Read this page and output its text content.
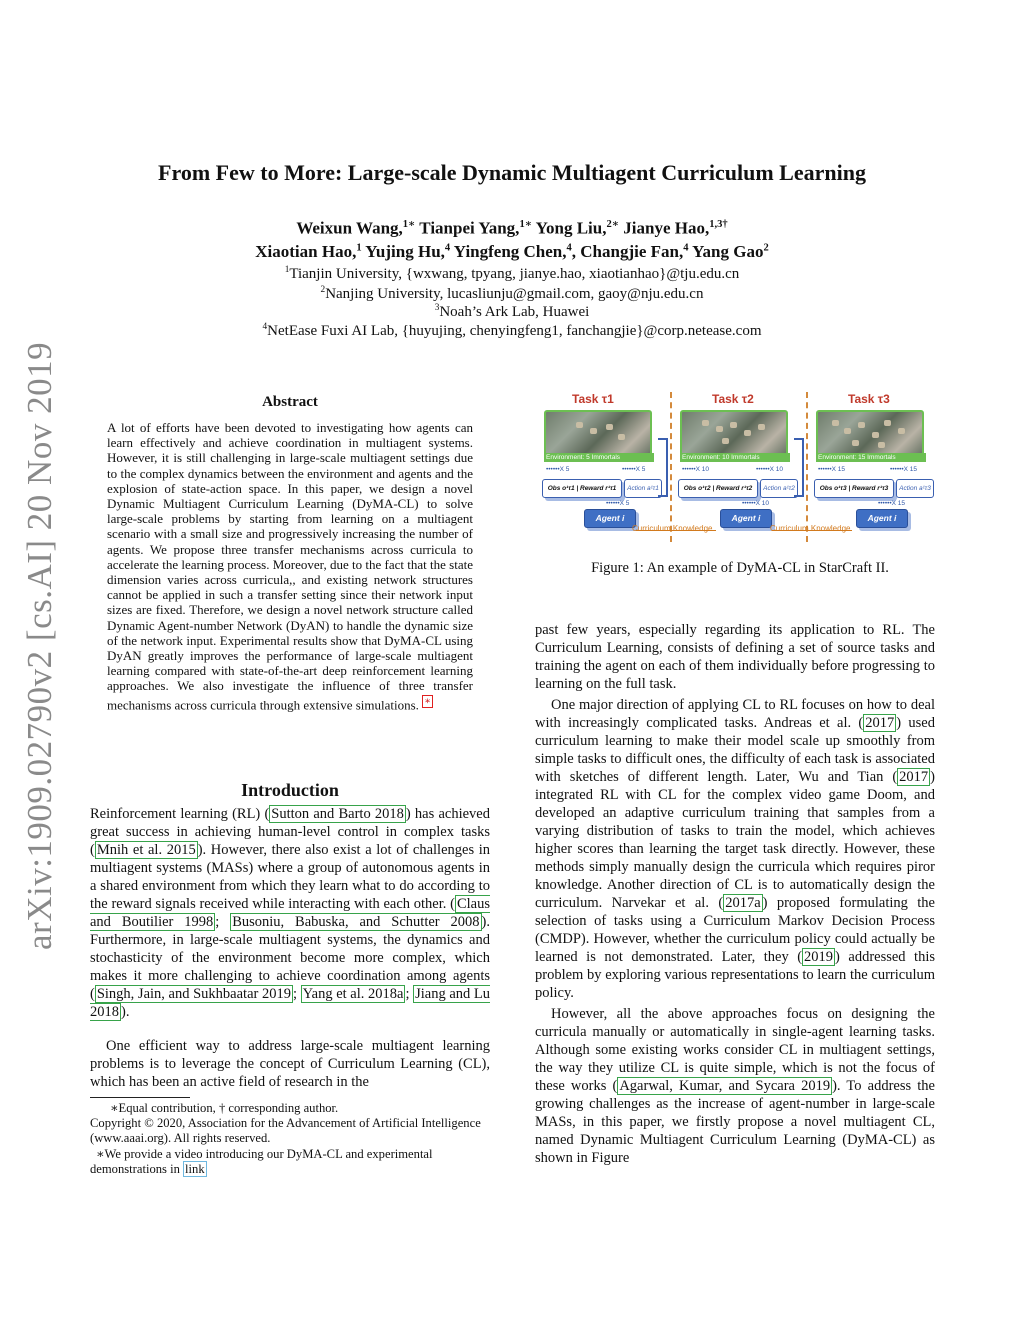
arXiv:1909.02790v2 [cs.AI] 20 Nov 2019
From Few to More: Large-scale Dynamic Multiagent Curriculum Learning
Weixun Wang,$^{1∗}$ Tianpei Yang,$^{1∗}$ Yong Liu,$^{2∗}$ Jianye Hao,$^{1,3\dagger}$
Xiaotian Hao,$^1$ Yujing Hu,$^4$ Yingfeng Chen,$^4$, Changjie Fan,$^4$ Yang Gao$^2$
$^1$Tianjin University, {wxwang, tpyang, jianye.hao, xiaotianhao}@tju.edu.cn
$^2$Nanjing University, lucasliunju@gmail.com, gaoy@nju.edu.cn
$^3$Noah’s Ark Lab, Huawei
$^4$NetEase Fuxi AI Lab, {huyujing, chenyingfeng1, fanchangjie}@corp.netease.com
Abstract
A lot of efforts have been devoted to investigating how agents can learn effectively and achieve coordination in multiagent systems. However, it is still challenging in large-scale multiagent settings due to the complex dynamics between the environment and agents and the explosion of state-action space. In this paper, we design a novel Dynamic Multiagent Curriculum Learning (DyMA-CL) to solve large-scale problems by starting from learning on a multiagent scenario with a small size and progressively increasing the number of agents. We propose three transfer mechanisms across curricula to accelerate the learning process. Moreover, due to the fact that the state dimension varies across curricula,, and existing network structures cannot be applied in such a transfer setting since their network input sizes are fixed. Therefore, we design a novel network structure called Dynamic Agent-number Network (DyAN) to handle the dynamic size of the network input. Experimental results show that DyMA-CL using DyAN greatly improves the performance of large-scale multiagent learning compared with state-of-the-art deep reinforcement learning approaches. We also investigate the influence of three transfer mechanisms across curricula through extensive simulations. ∗
Introduction
Reinforcement learning (RL) ( Sutton and Barto 2018 ) has achieved great success in achieving human-level control in complex tasks ( Mnih et al. 2015 ). However, there also exist a lot of challenges in multiagent systems (MASs) where a group of autonomous agents in a shared environment from which they learn what to do according to the reward signals received while interacting with each other. ( Claus and Boutilier 1998 ; Busoniu, Babuska, and Schutter 2008 ). Furthermore, in large-scale multiagent systems, the dynamics and stochasticity of the environment become more complex, which makes it more challenging to achieve coordination among agents ( Singh, Jain, and Sukhbaatar 2019 ; Yang et al. 2018a ; Jiang and Lu 2018 ).
One efficient way to address large-scale multiagent learning problems is to leverage the concept of Curriculum Learning (CL), which has been an active field of research in the
∗Equal contribution, † corresponding author.
Copyright © 2020, Association for the Advancement of Artificial Intelligence (www.aaai.org). All rights reserved.
∗We provide a video introducing our DyMA-CL and experimental demonstrations in link
Task τ1
Environment: 5 Immortals
••••••X 5	••••••X 5
Obs o¹τ1 | Reward r¹τ1	Action a¹τ1
••••••X 5
Agent i
Task τ2
Environment: 10 Immortals
••••••X 10	••••••X 10
Obs o¹τ2 | Reward r¹τ2	Action a¹τ2
••••••X 10
Agent i
Task τ3
Environment: 15 Immortals
••••••X 15	••••••X 15
Obs o¹τ3 | Reward r¹τ3	Action a¹τ3
••••••X 15
Agent i
Curriculum Knowledge	Curriculum Knowledge
Figure 1: An example of DyMA-CL in StarCraft II.

past few years, especially regarding its application to RL. The Curriculum Learning, consists of defining a set of source tasks and training the agent on each of them individually before progressing to learning on the full task.

One major direction of applying CL to RL focuses on how to deal with increasingly complicated tasks. Andreas et al. ( 2017 ) used curriculum learning to make their model scale up smoothly from simple tasks to difficult ones, the difficulty of each task is associated with sketches of different length. Later, Wu and Tian ( 2017 ) integrated RL with CL for the complex video game Doom, and developed an adaptive curriculum training that samples from a varying distribution of tasks to train the model, which achieves higher scores than learning the target task directly. However, these methods simply manually design the curricula which requires piror knowledge. Another direction of CL is to automatically design the curriculum. Narvekar et al. ( 2017a ) proposed formulating the selection of tasks using a Curriculum Markov Decision Process (CMDP). However, whether the curriculum policy could actually be learned is not demonstrated. Later, they ( 2019 ) addressed this problem by exploring various representations to learn the curriculum policy.

However, all the above approaches focus on designing the curricula manually or automatically in single-agent learning tasks. Although some existing works consider CL in multiagent settings, the way they utilize CL is quite simple, which is not the focus of these works ( Agarwal, Kumar, and Sycara 2019 ). To address the growing challenges as the increase of agent-number in large-scale MASs, in this paper, we firstly propose a novel multiagent CL, named Dynamic Multiagent Curriculum Learning (DyMA-CL) as shown in Figure
